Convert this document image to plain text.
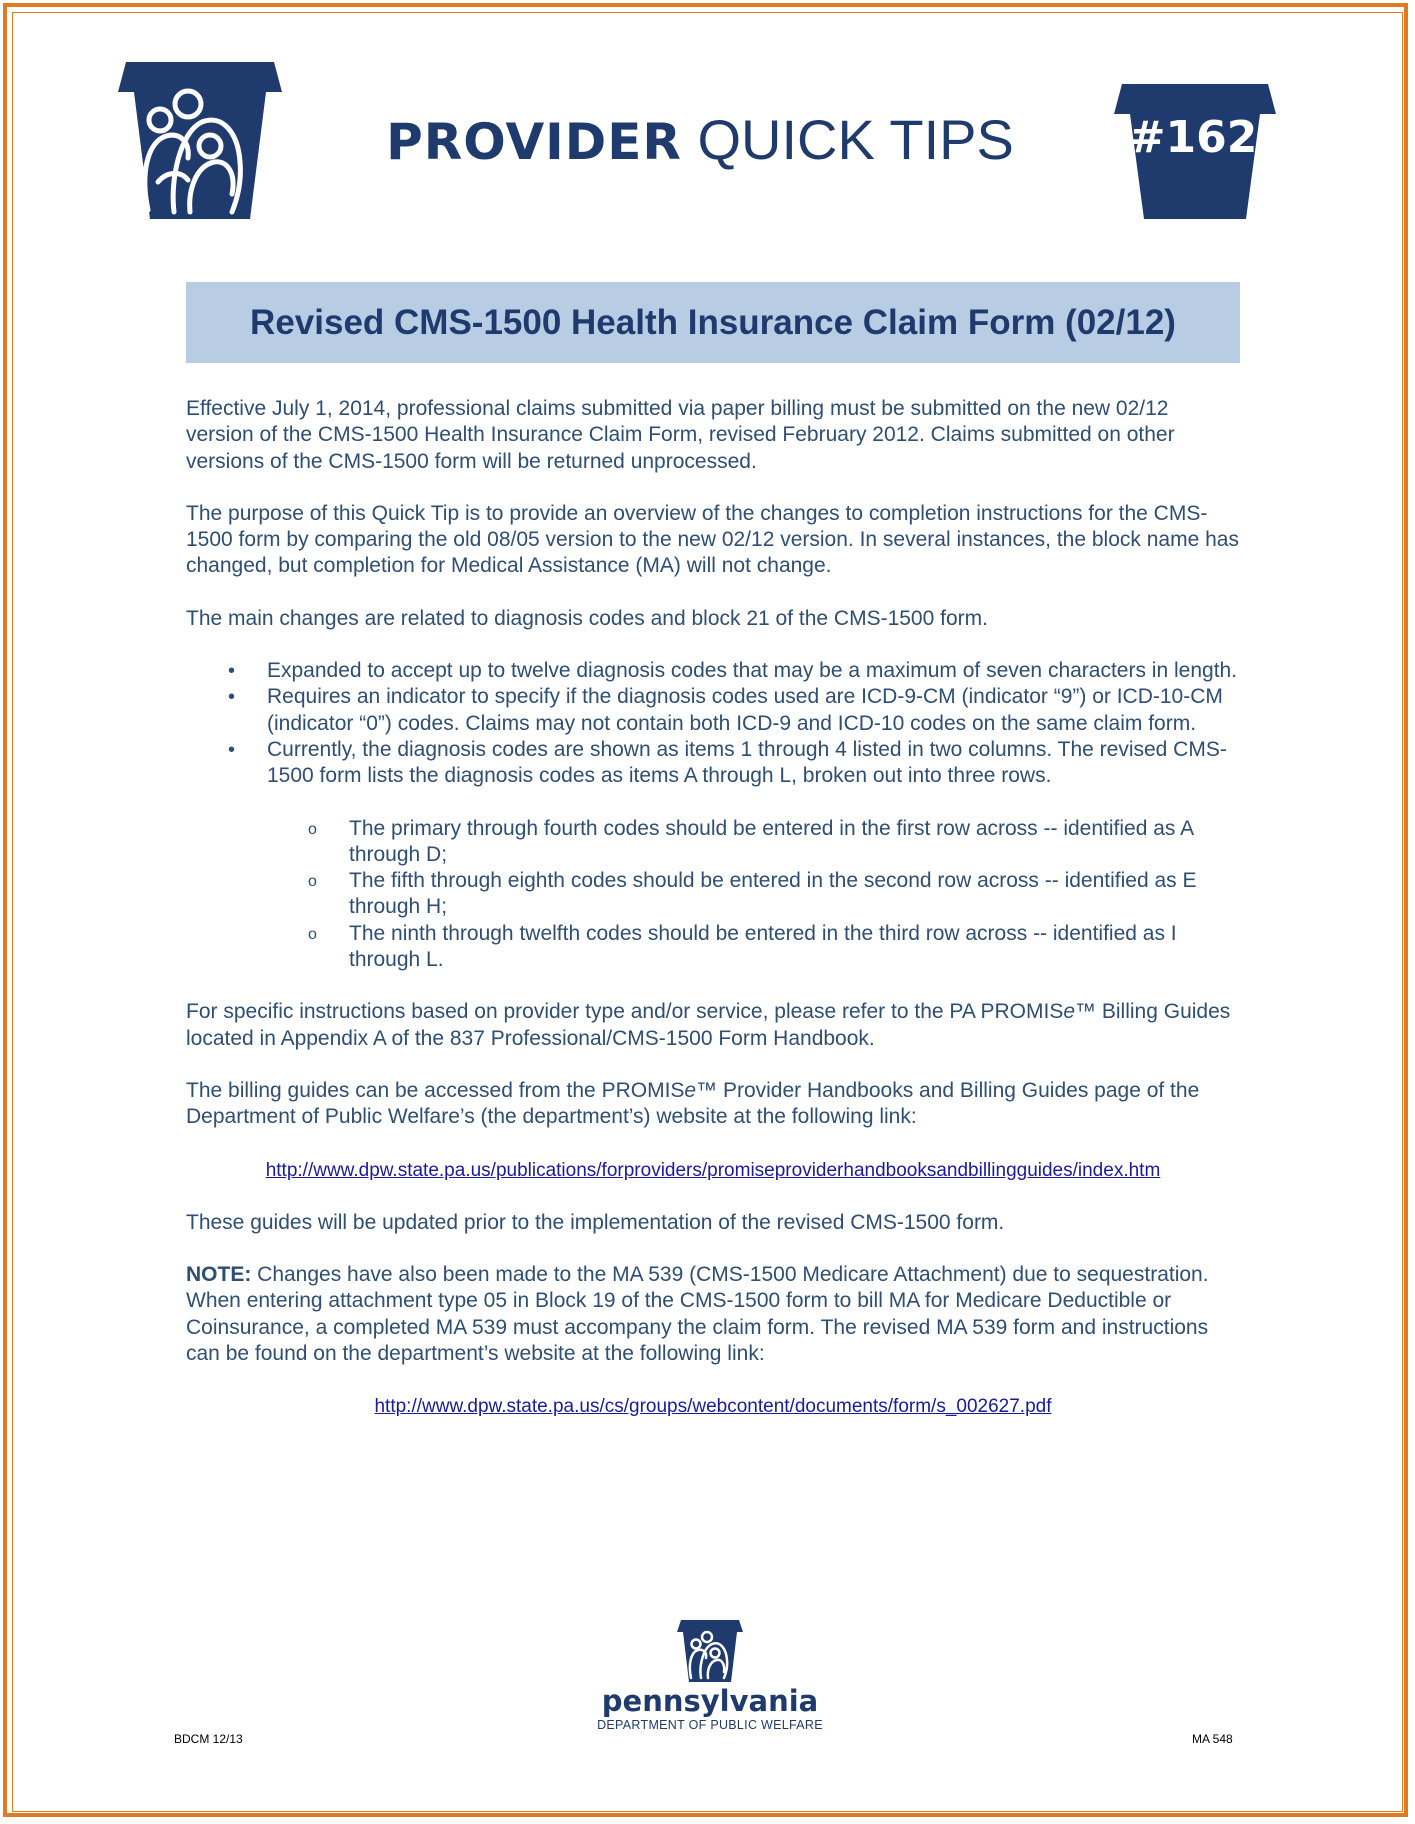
PROVIDER QUICK TIPS	#162
Revised CMS-1500 Health Insurance Claim Form (02/12)

Effective July 1, 2014, professional claims submitted via paper billing must be submitted on the new 02/12 version of the CMS-1500 Health Insurance Claim Form, revised February 2012. Claims submitted on other versions of the CMS-1500 form will be returned unprocessed.

The purpose of this Quick Tip is to provide an overview of the changes to completion instructions for the CMS-1500 form by comparing the old 08/05 version to the new 02/12 version. In several instances, the block name has changed, but completion for Medical Assistance (MA) will not change.

The main changes are related to diagnosis codes and block 21 of the CMS-1500 form.

• Expanded to accept up to twelve diagnosis codes that may be a maximum of seven characters in length.
• Requires an indicator to specify if the diagnosis codes used are ICD-9-CM (indicator “9”) or ICD-10-CM (indicator “0”) codes. Claims may not contain both ICD-9 and ICD-10 codes on the same claim form.
• Currently, the diagnosis codes are shown as items 1 through 4 listed in two columns. The revised CMS-1500 form lists the diagnosis codes as items A through L, broken out into three rows.
o The primary through fourth codes should be entered in the first row across -- identified as A through D;
o The fifth through eighth codes should be entered in the second row across -- identified as E through H;
o The ninth through twelfth codes should be entered in the third row across -- identified as I through L.

For specific instructions based on provider type and/or service, please refer to the PA PROMISe™ Billing Guides located in Appendix A of the 837 Professional/CMS-1500 Form Handbook.

The billing guides can be accessed from the PROMISe™ Provider Handbooks and Billing Guides page of the Department of Public Welfare’s (the department’s) website at the following link:

http://www.dpw.state.pa.us/publications/forproviders/promiseproviderhandbooksandbillingguides/index.htm

These guides will be updated prior to the implementation of the revised CMS-1500 form.

NOTE: Changes have also been made to the MA 539 (CMS-1500 Medicare Attachment) due to sequestration. When entering attachment type 05 in Block 19 of the CMS-1500 form to bill MA for Medicare Deductible or Coinsurance, a completed MA 539 must accompany the claim form. The revised MA 539 form and instructions can be found on the department’s website at the following link:

http://www.dpw.state.pa.us/cs/groups/webcontent/documents/form/s_002627.pdf
pennsylvania
DEPARTMENT OF PUBLIC WELFARE
BDCM 12/13	MA 548
